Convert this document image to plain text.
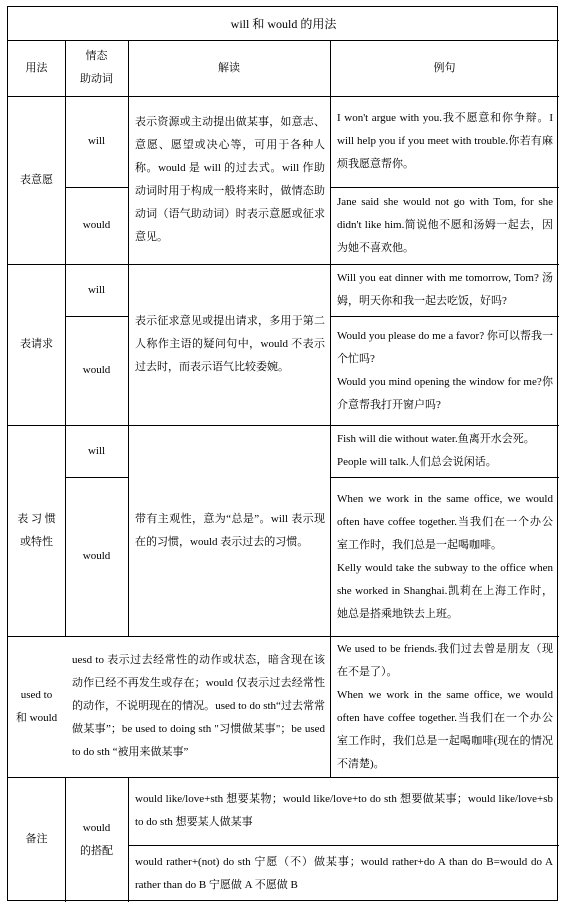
will 和 would 的用法
用法
情态
助动词
解读	例句
表意愿
will
would
表示资源或主动提出做某事，如意志、意愿、愿望或决心等，可用于各种人称。would 是 will 的过去式。will 作助动词时用于构成一般将来时，做情态助动词（语气助动词）时表示意愿或征求意见。
I won't argue with you.我不愿意和你争辩。I will help you if you meet with trouble.你若有麻烦我愿意帮你。
Jane said she would not go with Tom, for she didn't like him.简说他不愿和汤姆一起去，因为她不喜欢他。
表请求
will
would
表示征求意见或提出请求，多用于第二人称作主语的疑问句中，would 不表示过去时，而表示语气比较委婉。
Will you eat dinner with me tomorrow, Tom? 汤姆，明天你和我一起去吃饭，好吗?
Would you please do me a favor? 你可以帮我一个忙吗?
Would you mind opening the window for me?你介意帮我打开窗户吗?
表 习 惯
或特性
will
would
带有主观性，意为“总是”。will 表示现在的习惯，would 表示过去的习惯。
Fish will die without water.鱼离开水会死。
People will talk.人们总会说闲话。
When we work in the same office, we would often have coffee together.当我们在一个办公室工作时，我们总是一起喝咖啡。
Kelly would take the subway to the office when she worked in Shanghai.凯莉在上海工作时，她总是搭乘地铁去上班。
used to
和 would
uesd to 表示过去经常性的动作或状态，暗含现在该动作已经不再发生或存在；would 仅表示过去经常性的动作，不说明现在的情况。used to do sth“过去常常做某事”；be used to doing sth "习惯做某事"；be used to do sth “被用来做某事”
We used to be friends.我们过去曾是朋友（现在不是了）。
When we work in the same office, we would often have coffee together.当我们在一个办公室工作时，我们总是一起喝咖啡(现在的情况不清楚)。
备注
would
的搭配
would like/love+sth 想要某物；would like/love+to do sth 想要做某事；would like/love+sb to do sth 想要某人做某事
would rather+(not) do sth 宁愿（不）做某事；would rather+do A than do B=would do A rather than do B 宁愿做 A 不愿做 B
